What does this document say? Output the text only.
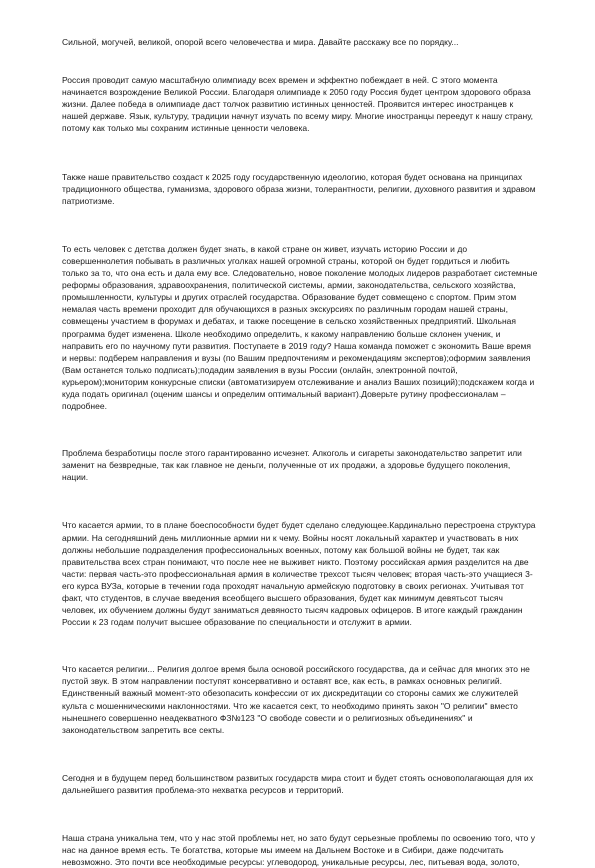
Сильной, могучей, великой, опорой всего человечества и мира. Давайте расскажу все по порядку...

Россия проводит самую масштабную олимпиаду всех времен и эффектно побеждает в ней. С этого момента начинается возрождение Великой России. Благодаря олимпиаде к 2050 году Россия будет центром здорового образа жизни. Далее победа в олимпиаде даст толчок развитию истинных ценностей. Проявится интерес иностранцев к нашей державе. Язык, культуру, традиции начнут изучать по всему миру. Многие иностранцы переедут к нашу страну, потому как только мы сохраним истинные ценности человека.

Также наше правительство создаст к 2025 году государственную идеологию, которая будет основана на принципах традиционного общества, гуманизма, здорового образа жизни, толерантности, религии, духовного развития и здравом патриотизме.

То есть человек с детства должен будет знать, в какой стране он живет, изучать историю России и до совершеннолетия побывать в различных уголках нашей огромной страны, которой он будет гордиться и любить только за то, что она есть и дала ему все. Следовательно, новое поколение молодых лидеров разработает системные реформы образования, здравоохранения, политической системы, армии, законодательства, сельского хозяйства, промышленности, культуры и других отраслей государства. Образование будет совмещено с спортом. Прим этом немалая часть времени проходит для обучающихся в разных экскурсиях по различным городам нашей страны, совмещены участием в форумах и дебатах, и также посещение в сельско хозяйственных предприятий. Школьная программа будет изменена. Школе необходимо определить, к какому направлению больше склонен ученик, и направить его по научному пути развития. Поступаете в 2019 году? Наша команда поможет с экономить Ваше время и нервы: подберем направления и вузы (по Вашим предпочтениям и рекомендациям экспертов);оформим заявления (Вам останется только подписать);подадим заявления в вузы России (онлайн, электронной почтой, курьером);мониторим конкурсные списки (автоматизируем отслеживание и анализ Ваших позиций);подскажем когда и куда подать оригинал (оценим шансы и определим оптимальный вариант).Доверьте рутину профессионалам – подробнее.

Проблема безработицы после этого гарантированно исчезнет. Алкоголь и сигареты законодательство запретит или заменит на безвредные, так как главное не деньги, полученные от их продажи, а здоровье будущего поколения, нации.

Что касается армии, то в плане боеспособности будет будет сделано следующее.Кардинально перестроена структура армии. На сегодняшний день миллионные армии ни к чему. Войны носят локальный характер и участвовать в них должны небольшие подразделения профессиональных военных, потому как большой войны не будет, так как правительства всех стран понимают, что после нее не выживет никто. Поэтому российская армия разделится на две части: первая часть-это профессиональная армия в количестве трехсот тысяч человек; вторая часть-это учащиеся 3-его курса ВУЗа, которые в течении года проходят начальную армейскую подготовку в своих регионах. Учитывая тот факт, что студентов, в случае введения всеобщего высшего образования, будет как минимум девятьсот тысяч человек, их обучением должны будут заниматься девяносто тысяч кадровых офицеров. В итоге каждый гражданин России к 23 годам получит высшее образование по специальности и отслужит в армии.

Что касается религии... Религия долгое время была основой российского государства, да и сейчас для многих это не пустой звук. В этом направлении поступят консервативно и оставят все, как есть, в рамках основных религий. Единственный важный момент-это обезопасить конфессии от их дискредитации со стороны самих же служителей культа с мошенническими наклонностями. Что же касается сект, то необходимо принять закон "О религии" вместо нынешнего совершенно неадекватного ФЗ№123 "О свободе совести и о религиозных объединениях" и законодательством запретить все секты.

Сегодня и в будущем перед большинством развитых государств мира стоит и будет стоять основополагающая для их дальнейшего развития проблема-это нехватка ресурсов и территорий.

Наша страна уникальна тем, что у нас этой проблемы нет, но зато будут серьезные проблемы по освоению того, что у нас на данное время есть. Те богатства, которые мы имеем на Дальнем Востоке и в Сибири, даже подсчитать невозможно. Это почти все необходимые ресурсы: углеводород, уникальные ресурсы, лес, питьевая вода, золото,
